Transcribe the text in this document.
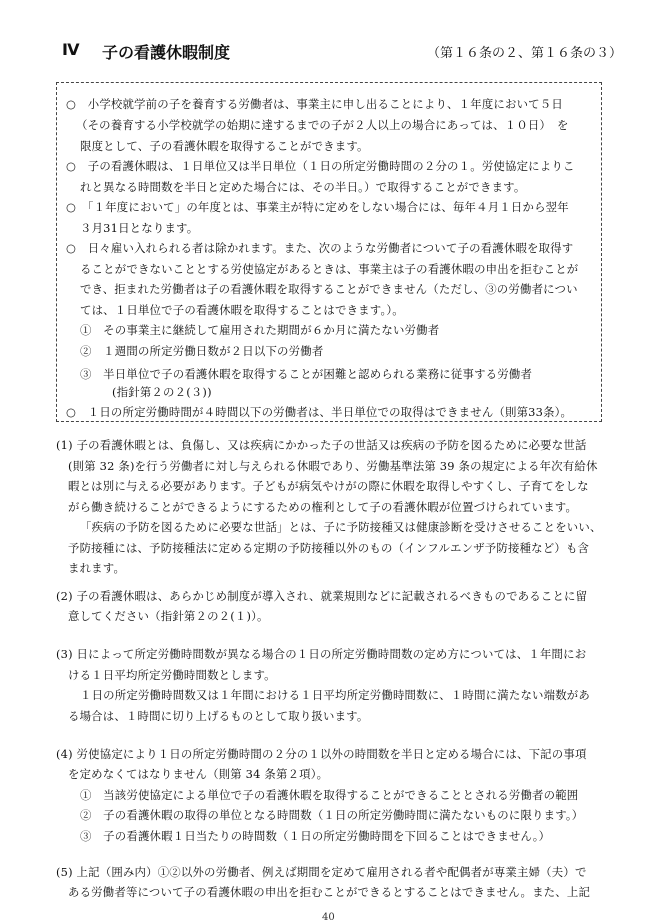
Ⅳ 子の看護休暇制度	（第１６条の２、第１６条の３）
○　小学校就学前の子を養育する労働者は、事業主に申し出ることにより、１年度において５日
（その養育する小学校就学の始期に達するまでの子が２人以上の場合にあっては、１０日）　を
限度として、子の看護休暇を取得することができます。
○　子の看護休暇は、１日単位又は半日単位（１日の所定労働時間の２分の１。労使協定によりこ
れと異なる時間数を半日と定めた場合には、その半日。）で取得することができます。
○　「１年度において」の年度とは、事業主が特に定めをしない場合には、毎年４月１日から翌年
３月31日となります。
○　日々雇い入れられる者は除かれます。また、次のような労働者について子の看護休暇を取得す
ることができないこととする労使協定があるときは、事業主は子の看護休暇の申出を拒むことが
でき、拒まれた労働者は子の看護休暇を取得することができません（ただし、③の労働者につい
ては、１日単位で子の看護休暇を取得することはできます。）。
①　その事業主に継続して雇用された期間が６か月に満たない労働者
②　１週間の所定労働日数が２日以下の労働者
③　半日単位で子の看護休暇を取得することが困難と認められる業務に従事する労働者
(指針第２の２(３))
○　１日の所定労働時間が４時間以下の労働者は、半日単位での取得はできません（則第33条）。
(1) 子の看護休暇とは、負傷し、又は疾病にかかった子の世話又は疾病の予防を図るために必要な世話
(則第 32 条)を行う労働者に対し与えられる休暇であり、労働基準法第 39 条の規定による年次有給休
暇とは別に与える必要があります。子どもが病気やけがの際に休暇を取得しやすくし、子育てをしな
がら働き続けることができるようにするための権利として子の看護休暇が位置づけられています。
「疾病の予防を図るために必要な世話」とは、子に予防接種又は健康診断を受けさせることをいい、
予防接種には、予防接種法に定める定期の予防接種以外のもの（インフルエンザ予防接種など）も含
まれます。
(2) 子の看護休暇は、あらかじめ制度が導入され、就業規則などに記載されるべきものであることに留
意してください（指針第２の２(１)）。
(3) 日によって所定労働時間数が異なる場合の１日の所定労働時間数の定め方については、１年間にお
ける１日平均所定労働時間数とします。
１日の所定労働時間数又は１年間における１日平均所定労働時間数に、１時間に満たない端数があ
る場合は、１時間に切り上げるものとして取り扱います。
(4) 労使協定により１日の所定労働時間の２分の１以外の時間数を半日と定める場合には、下記の事項
を定めなくてはなりません（則第 34 条第２項）。
①　当該労使協定による単位で子の看護休暇を取得することができることとされる労働者の範囲
②　子の看護休暇の取得の単位となる時間数（１日の所定労働時間に満たないものに限ります。）
③　子の看護休暇１日当たりの時間数（１日の所定労働時間を下回ることはできません。）
(5) 上記（囲み内）①②以外の労働者、例えば期間を定めて雇用される者や配偶者が専業主婦（夫）で
ある労働者等について子の看護休暇の申出を拒むことができるとすることはできません。また、上記
40
